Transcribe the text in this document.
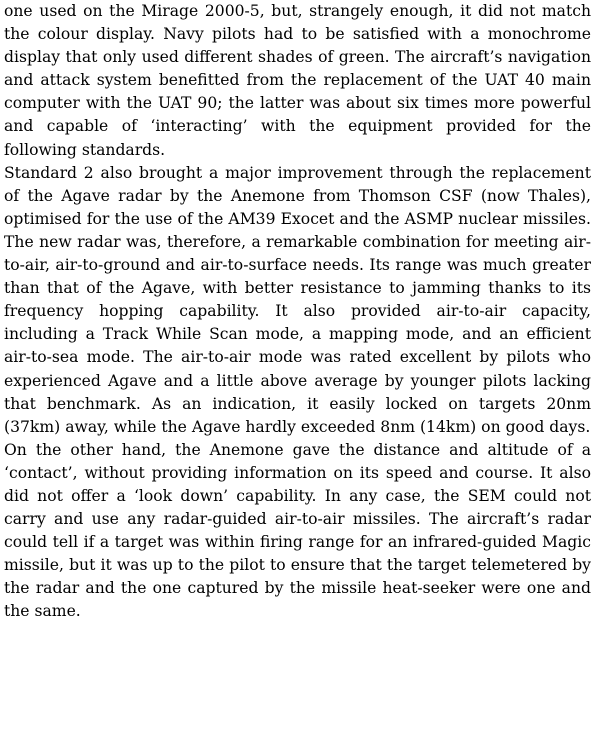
one used on the Mirage 2000-5, but, strangely enough, it did not match the colour display. Navy pilots had to be satisfied with a monochrome display that only used different shades of green. The aircraft’s navigation and attack system benefitted from the replacement of the UAT 40 main computer with the UAT 90; the latter was about six times more powerful and capable of ‘interacting’ with the equipment provided for the following standards.

Standard 2 also brought a major improvement through the replacement of the Agave radar by the Anemone from Thomson CSF (now Thales), optimised for the use of the AM39 Exocet and the ASMP nuclear missiles. The new radar was, therefore, a remarkable combination for meeting air-to-air, air-to-ground and air-to-surface needs. Its range was much greater than that of the Agave, with better resistance to jamming thanks to its frequency hopping capability. It also provided air-to-air capacity, including a Track While Scan mode, a mapping mode, and an efficient air-to-sea mode. The air-to-air mode was rated excellent by pilots who experienced Agave and a little above average by younger pilots lacking that benchmark. As an indication, it easily locked on targets 20nm (37km) away, while the Agave hardly exceeded 8nm (14km) on good days.

On the other hand, the Anemone gave the distance and altitude of a ‘contact’, without providing information on its speed and course. It also did not offer a ‘look down’ capability. In any case, the SEM could not carry and use any radar-guided air-to-air missiles. The aircraft’s radar could tell if a target was within firing range for an infrared-guided Magic missile, but it was up to the pilot to ensure that the target telemetered by the radar and the one captured by the missile heat-seeker were one and the same.
